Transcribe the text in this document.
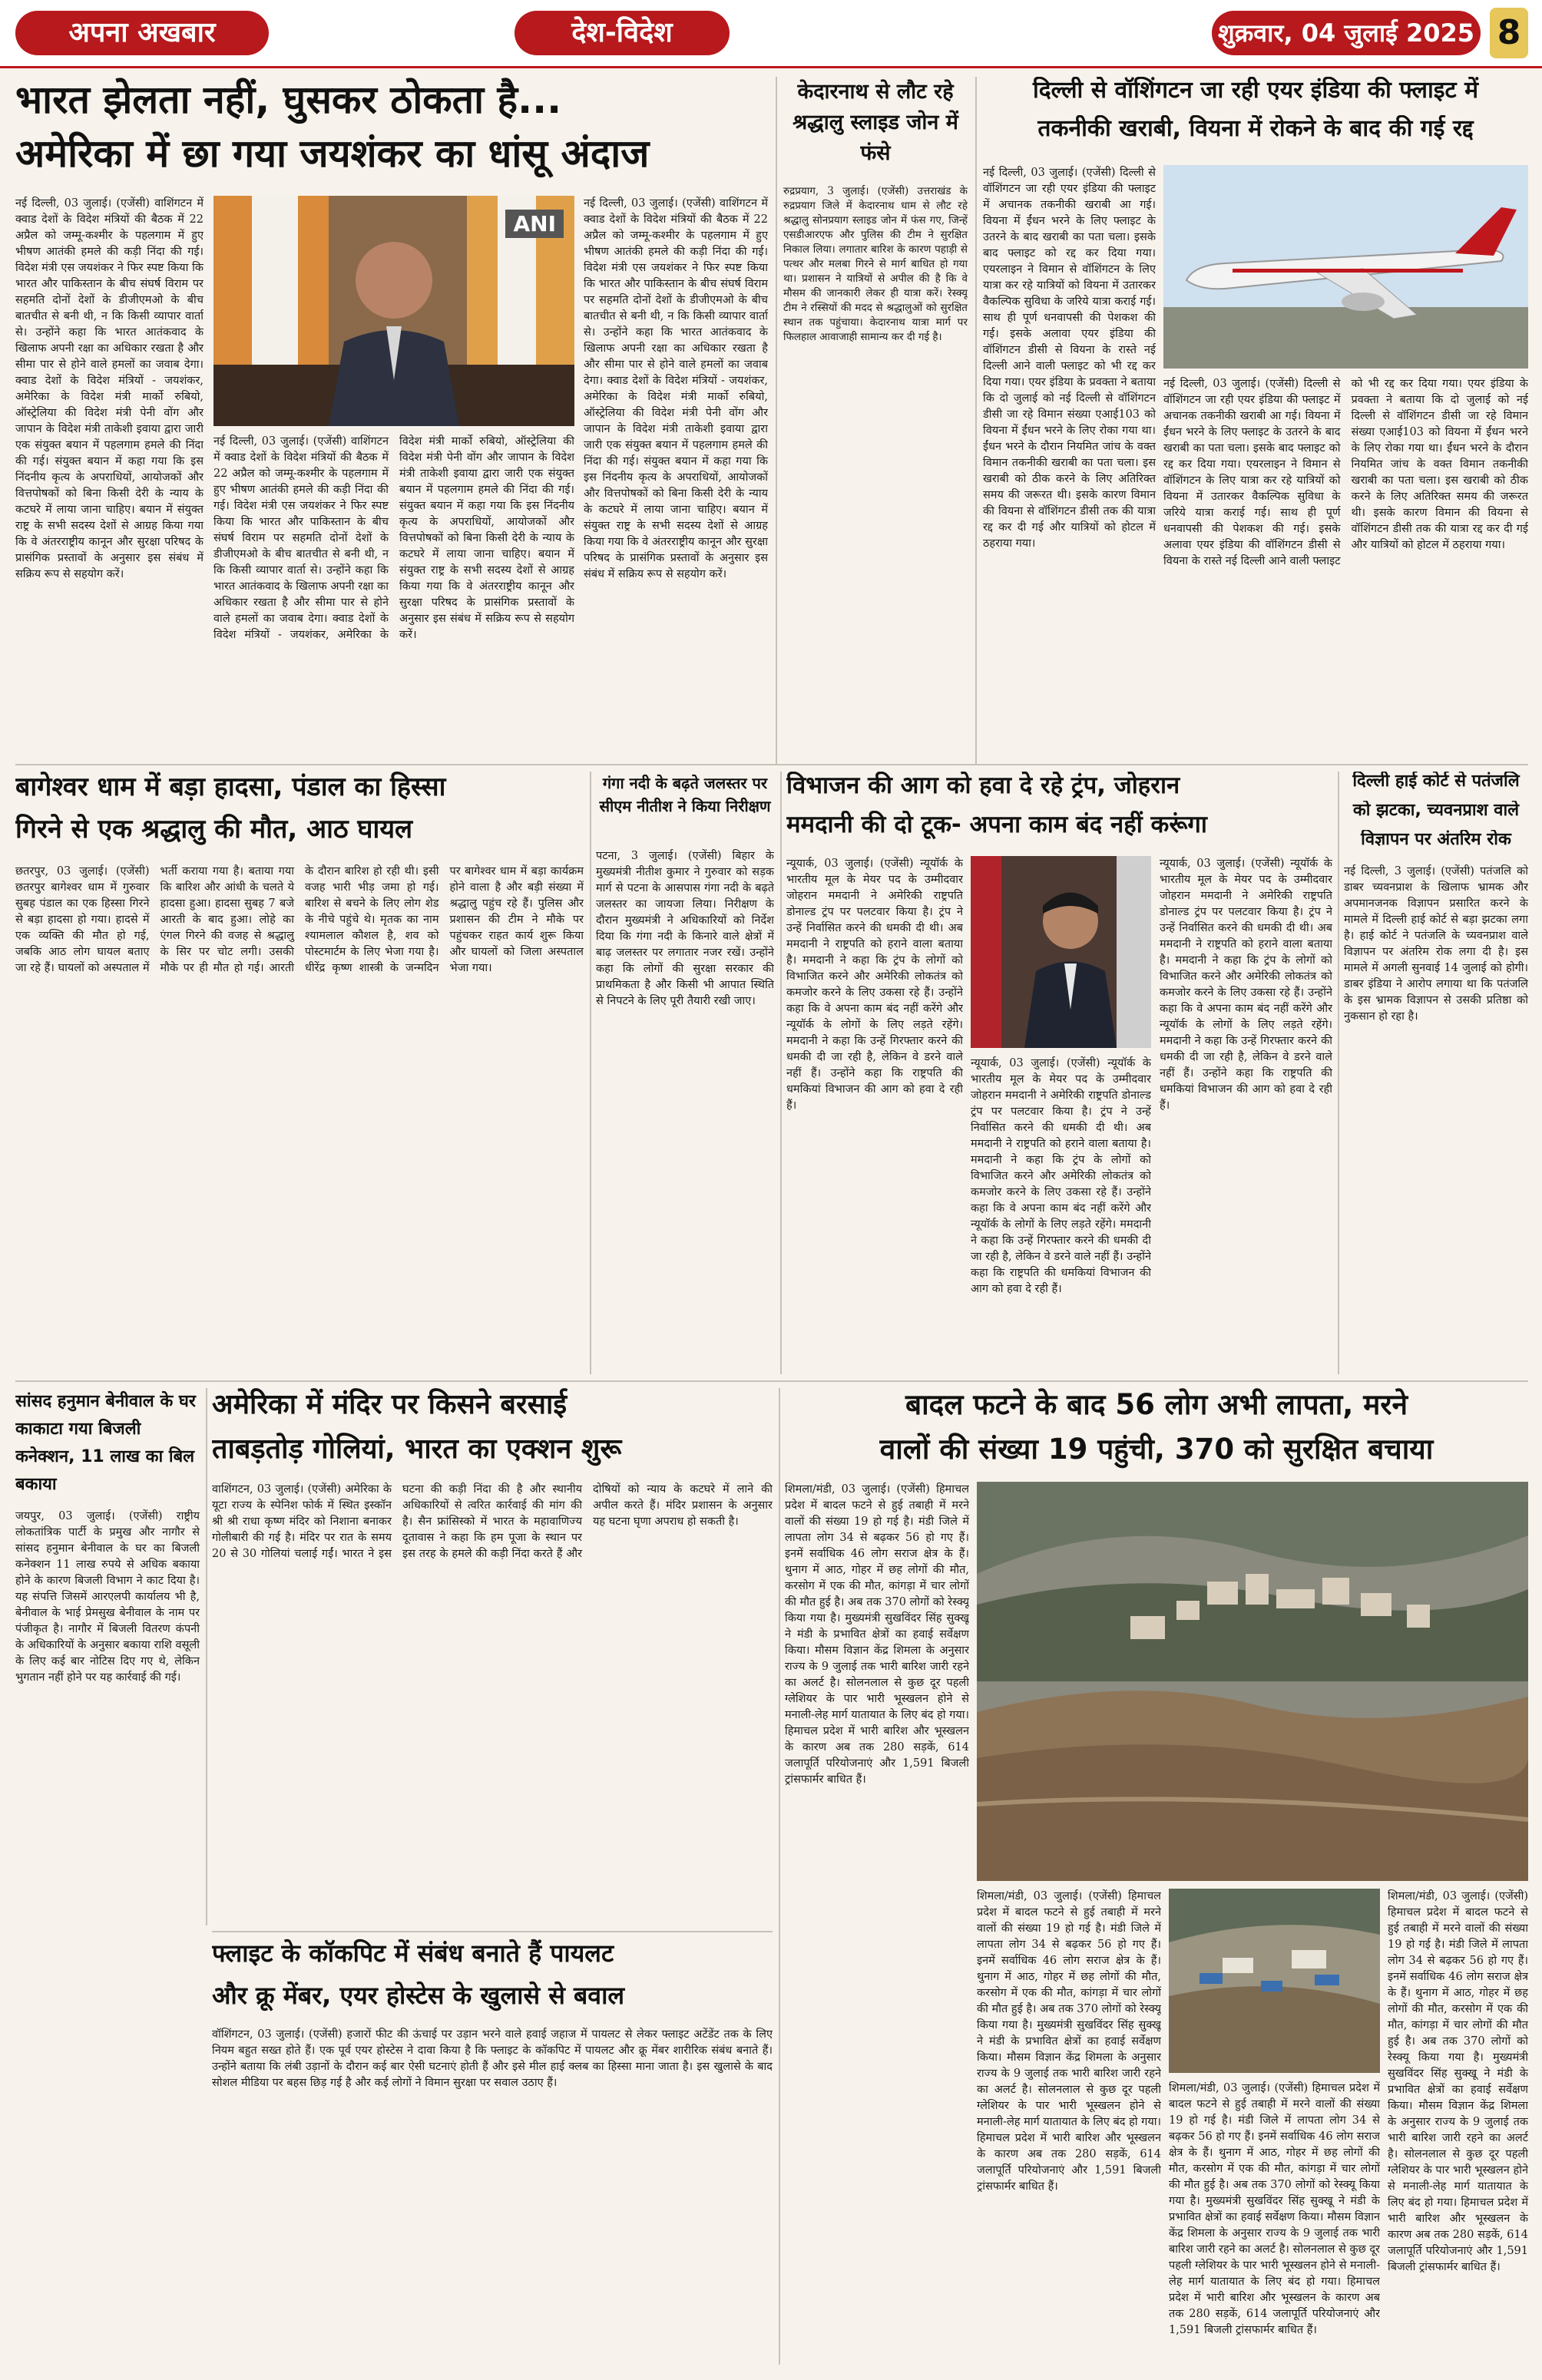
अपना अखबार	देश-विदेश	शुक्रवार, 04 जुलाई 2025 8
भारत झेलता नहीं, घुसकर ठोकता है...
अमेरिका में छा गया जयशंकर का धांसू अंदाज
नई दिल्ली, 03 जुलाई। (एजेंसी) वाशिंगटन में क्वाड देशों के विदेश मंत्रियों की बैठक में 22 अप्रैल को जम्मू-कश्मीर के पहलगाम में हुए भीषण आतंकी हमले की कड़ी निंदा की गई। विदेश मंत्री एस जयशंकर ने फिर स्पष्ट किया कि भारत और पाकिस्तान के बीच संघर्ष विराम पर सहमति दोनों देशों के डीजीएमओ के बीच बातचीत से बनी थी, न कि किसी व्यापार वार्ता से। उन्होंने कहा कि भारत आतंकवाद के खिलाफ अपनी रक्षा का अधिकार रखता है और सीमा पार से होने वाले हमलों का जवाब देगा। क्वाड देशों के विदेश मंत्रियों - जयशंकर, अमेरिका के विदेश मंत्री मार्को रुबियो, ऑस्ट्रेलिया की विदेश मंत्री पेनी वोंग और जापान के विदेश मंत्री ताकेशी इवाया द्वारा जारी एक संयुक्त बयान में पहलगाम हमले की निंदा की गई। संयुक्त बयान में कहा गया कि इस निंदनीय कृत्य के अपराधियों, आयोजकों और वित्तपोषकों को बिना किसी देरी के न्याय के कटघरे में लाया जाना चाहिए। बयान में संयुक्त राष्ट्र के सभी सदस्य देशों से आग्रह किया गया कि वे अंतरराष्ट्रीय कानून और सुरक्षा परिषद के प्रासंगिक प्रस्तावों के अनुसार इस संबंध में सक्रिय रूप से सहयोग करें।
ANI
नई दिल्ली, 03 जुलाई। (एजेंसी) वाशिंगटन में क्वाड देशों के विदेश मंत्रियों की बैठक में 22 अप्रैल को जम्मू-कश्मीर के पहलगाम में हुए भीषण आतंकी हमले की कड़ी निंदा की गई। विदेश मंत्री एस जयशंकर ने फिर स्पष्ट किया कि भारत और पाकिस्तान के बीच संघर्ष विराम पर सहमति दोनों देशों के डीजीएमओ के बीच बातचीत से बनी थी, न कि किसी व्यापार वार्ता से। उन्होंने कहा कि भारत आतंकवाद के खिलाफ अपनी रक्षा का अधिकार रखता है और सीमा पार से होने वाले हमलों का जवाब देगा। क्वाड देशों के विदेश मंत्रियों - जयशंकर, अमेरिका के विदेश मंत्री मार्को रुबियो, ऑस्ट्रेलिया की विदेश मंत्री पेनी वोंग और जापान के विदेश मंत्री ताकेशी इवाया द्वारा जारी एक संयुक्त बयान में पहलगाम हमले की निंदा की गई। संयुक्त बयान में कहा गया कि इस निंदनीय कृत्य के अपराधियों, आयोजकों और वित्तपोषकों को बिना किसी देरी के न्याय के कटघरे में लाया जाना चाहिए। बयान में संयुक्त राष्ट्र के सभी सदस्य देशों से आग्रह किया गया कि वे अंतरराष्ट्रीय कानून और सुरक्षा परिषद के प्रासंगिक प्रस्तावों के अनुसार इस संबंध में सक्रिय रूप से सहयोग करें।
नई दिल्ली, 03 जुलाई। (एजेंसी) वाशिंगटन में क्वाड देशों के विदेश मंत्रियों की बैठक में 22 अप्रैल को जम्मू-कश्मीर के पहलगाम में हुए भीषण आतंकी हमले की कड़ी निंदा की गई। विदेश मंत्री एस जयशंकर ने फिर स्पष्ट किया कि भारत और पाकिस्तान के बीच संघर्ष विराम पर सहमति दोनों देशों के डीजीएमओ के बीच बातचीत से बनी थी, न कि किसी व्यापार वार्ता से। उन्होंने कहा कि भारत आतंकवाद के खिलाफ अपनी रक्षा का अधिकार रखता है और सीमा पार से होने वाले हमलों का जवाब देगा। क्वाड देशों के विदेश मंत्रियों - जयशंकर, अमेरिका के विदेश मंत्री मार्को रुबियो, ऑस्ट्रेलिया की विदेश मंत्री पेनी वोंग और जापान के विदेश मंत्री ताकेशी इवाया द्वारा जारी एक संयुक्त बयान में पहलगाम हमले की निंदा की गई। संयुक्त बयान में कहा गया कि इस निंदनीय कृत्य के अपराधियों, आयोजकों और वित्तपोषकों को बिना किसी देरी के न्याय के कटघरे में लाया जाना चाहिए। बयान में संयुक्त राष्ट्र के सभी सदस्य देशों से आग्रह किया गया कि वे अंतरराष्ट्रीय कानून और सुरक्षा परिषद के प्रासंगिक प्रस्तावों के अनुसार इस संबंध में सक्रिय रूप से सहयोग करें।
केदारनाथ से लौट रहे श्रद्धालु स्लाइड जोन में फंसे
रुद्रप्रयाग, 3 जुलाई। (एजेंसी) उत्तराखंड के रुद्रप्रयाग जिले में केदारनाथ धाम से लौट रहे श्रद्धालु सोनप्रयाग स्लाइड जोन में फंस गए, जिन्हें एसडीआरएफ और पुलिस की टीम ने सुरक्षित निकाल लिया। लगातार बारिश के कारण पहाड़ी से पत्थर और मलबा गिरने से मार्ग बाधित हो गया था। प्रशासन ने यात्रियों से अपील की है कि वे मौसम की जानकारी लेकर ही यात्रा करें। रेस्क्यू टीम ने रस्सियों की मदद से श्रद्धालुओं को सुरक्षित स्थान तक पहुंचाया। केदारनाथ यात्रा मार्ग पर फिलहाल आवाजाही सामान्य कर दी गई है।
दिल्ली से वॉशिंगटन जा रही एयर इंडिया की फ्लाइट में
तकनीकी खराबी, वियना में रोकने के बाद की गई रद्द
नई दिल्ली, 03 जुलाई। (एजेंसी) दिल्ली से वॉशिंगटन जा रही एयर इंडिया की फ्लाइट में अचानक तकनीकी खराबी आ गई। वियना में ईंधन भरने के लिए फ्लाइट के उतरने के बाद खराबी का पता चला। इसके बाद फ्लाइट को रद्द कर दिया गया। एयरलाइन ने विमान से वॉशिंगटन के लिए यात्रा कर रहे यात्रियों को वियना में उतारकर वैकल्पिक सुविधा के जरिये यात्रा कराई गई। साथ ही पूर्ण धनवापसी की पेशकश की गई। इसके अलावा एयर इंडिया की वॉशिंगटन डीसी से वियना के रास्ते नई दिल्ली आने वाली फ्लाइट को भी रद्द कर दिया गया। एयर इंडिया के प्रवक्ता ने बताया कि दो जुलाई को नई दिल्ली से वॉशिंगटन डीसी जा रहे विमान संख्या एआई103 को वियना में ईंधन भरने के लिए रोका गया था। ईंधन भरने के दौरान नियमित जांच के वक्त विमान तकनीकी खराबी का पता चला। इस खराबी को ठीक करने के लिए अतिरिक्त समय की जरूरत थी। इसके कारण विमान की वियना से वॉशिंगटन डीसी तक की यात्रा रद्द कर दी गई और यात्रियों को होटल में ठहराया गया।
नई दिल्ली, 03 जुलाई। (एजेंसी) दिल्ली से वॉशिंगटन जा रही एयर इंडिया की फ्लाइट में अचानक तकनीकी खराबी आ गई। वियना में ईंधन भरने के लिए फ्लाइट के उतरने के बाद खराबी का पता चला। इसके बाद फ्लाइट को रद्द कर दिया गया। एयरलाइन ने विमान से वॉशिंगटन के लिए यात्रा कर रहे यात्रियों को वियना में उतारकर वैकल्पिक सुविधा के जरिये यात्रा कराई गई। साथ ही पूर्ण धनवापसी की पेशकश की गई। इसके अलावा एयर इंडिया की वॉशिंगटन डीसी से वियना के रास्ते नई दिल्ली आने वाली फ्लाइट को भी रद्द कर दिया गया। एयर इंडिया के प्रवक्ता ने बताया कि दो जुलाई को नई दिल्ली से वॉशिंगटन डीसी जा रहे विमान संख्या एआई103 को वियना में ईंधन भरने के लिए रोका गया था। ईंधन भरने के दौरान नियमित जांच के वक्त विमान तकनीकी खराबी का पता चला। इस खराबी को ठीक करने के लिए अतिरिक्त समय की जरूरत थी। इसके कारण विमान की वियना से वॉशिंगटन डीसी तक की यात्रा रद्द कर दी गई और यात्रियों को होटल में ठहराया गया।
बागेश्वर धाम में बड़ा हादसा, पंडाल का हिस्सा
गिरने से एक श्रद्धालु की मौत, आठ घायल
छतरपुर, 03 जुलाई। (एजेंसी) छतरपुर बागेश्वर धाम में गुरुवार सुबह पंडाल का एक हिस्सा गिरने से बड़ा हादसा हो गया। हादसे में एक व्यक्ति की मौत हो गई, जबकि आठ लोग घायल बताए जा रहे हैं। घायलों को अस्पताल में भर्ती कराया गया है। बताया गया कि बारिश और आंधी के चलते ये हादसा हुआ। हादसा सुबह 7 बजे आरती के बाद हुआ। लोहे का एंगल गिरने की वजह से श्रद्धालु के सिर पर चोट लगी। उसकी मौके पर ही मौत हो गई। आरती के दौरान बारिश हो रही थी। इसी वजह भारी भीड़ जमा हो गई। बारिश से बचने के लिए लोग शेड के नीचे पहुंचे थे। मृतक का नाम श्यामलाल कौशल है, शव को पोस्टमार्टम के लिए भेजा गया है। धीरेंद्र कृष्ण शास्त्री के जन्मदिन पर बागेश्वर धाम में बड़ा कार्यक्रम होने वाला है और बड़ी संख्या में श्रद्धालु पहुंच रहे हैं। पुलिस और प्रशासन की टीम ने मौके पर पहुंचकर राहत कार्य शुरू किया और घायलों को जिला अस्पताल भेजा गया।
गंगा नदी के बढ़ते जलस्तर पर सीएम नीतीश ने किया निरीक्षण
पटना, 3 जुलाई। (एजेंसी) बिहार के मुख्यमंत्री नीतीश कुमार ने गुरुवार को सड़क मार्ग से पटना के आसपास गंगा नदी के बढ़ते जलस्तर का जायजा लिया। निरीक्षण के दौरान मुख्यमंत्री ने अधिकारियों को निर्देश दिया कि गंगा नदी के किनारे वाले क्षेत्रों में बाढ़ जलस्तर पर लगातार नजर रखें। उन्होंने कहा कि लोगों की सुरक्षा सरकार की प्राथमिकता है और किसी भी आपात स्थिति से निपटने के लिए पूरी तैयारी रखी जाए।
विभाजन की आग को हवा दे रहे ट्रंप, जोहरान
ममदानी की दो टूक- अपना काम बंद नहीं करूंगा
न्यूयार्क, 03 जुलाई। (एजेंसी) न्यूयॉर्क के भारतीय मूल के मेयर पद के उम्मीदवार जोहरान ममदानी ने अमेरिकी राष्ट्रपति डोनाल्ड ट्रंप पर पलटवार किया है। ट्रंप ने उन्हें निर्वासित करने की धमकी दी थी। अब ममदानी ने राष्ट्रपति को हराने वाला बताया है। ममदानी ने कहा कि ट्रंप के लोगों को विभाजित करने और अमेरिकी लोकतंत्र को कमजोर करने के लिए उकसा रहे हैं। उन्होंने कहा कि वे अपना काम बंद नहीं करेंगे और न्यूयॉर्क के लोगों के लिए लड़ते रहेंगे। ममदानी ने कहा कि उन्हें गिरफ्तार करने की धमकी दी जा रही है, लेकिन वे डरने वाले नहीं हैं। उन्होंने कहा कि राष्ट्रपति की धमकियां विभाजन की आग को हवा दे रही हैं।
न्यूयार्क, 03 जुलाई। (एजेंसी) न्यूयॉर्क के भारतीय मूल के मेयर पद के उम्मीदवार जोहरान ममदानी ने अमेरिकी राष्ट्रपति डोनाल्ड ट्रंप पर पलटवार किया है। ट्रंप ने उन्हें निर्वासित करने की धमकी दी थी। अब ममदानी ने राष्ट्रपति को हराने वाला बताया है। ममदानी ने कहा कि ट्रंप के लोगों को विभाजित करने और अमेरिकी लोकतंत्र को कमजोर करने के लिए उकसा रहे हैं। उन्होंने कहा कि वे अपना काम बंद नहीं करेंगे और न्यूयॉर्क के लोगों के लिए लड़ते रहेंगे। ममदानी ने कहा कि उन्हें गिरफ्तार करने की धमकी दी जा रही है, लेकिन वे डरने वाले नहीं हैं। उन्होंने कहा कि राष्ट्रपति की धमकियां विभाजन की आग को हवा दे रही हैं।
न्यूयार्क, 03 जुलाई। (एजेंसी) न्यूयॉर्क के भारतीय मूल के मेयर पद के उम्मीदवार जोहरान ममदानी ने अमेरिकी राष्ट्रपति डोनाल्ड ट्रंप पर पलटवार किया है। ट्रंप ने उन्हें निर्वासित करने की धमकी दी थी। अब ममदानी ने राष्ट्रपति को हराने वाला बताया है। ममदानी ने कहा कि ट्रंप के लोगों को विभाजित करने और अमेरिकी लोकतंत्र को कमजोर करने के लिए उकसा रहे हैं। उन्होंने कहा कि वे अपना काम बंद नहीं करेंगे और न्यूयॉर्क के लोगों के लिए लड़ते रहेंगे। ममदानी ने कहा कि उन्हें गिरफ्तार करने की धमकी दी जा रही है, लेकिन वे डरने वाले नहीं हैं। उन्होंने कहा कि राष्ट्रपति की धमकियां विभाजन की आग को हवा दे रही हैं।
दिल्ली हाई कोर्ट से पतंजलि
को झटका, च्यवनप्राश वाले
विज्ञापन पर अंतरिम रोक
नई दिल्ली, 3 जुलाई। (एजेंसी) पतंजलि को डाबर च्यवनप्राश के खिलाफ भ्रामक और अपमानजनक विज्ञापन प्रसारित करने के मामले में दिल्ली हाई कोर्ट से बड़ा झटका लगा है। हाई कोर्ट ने पतंजलि के च्यवनप्राश वाले विज्ञापन पर अंतरिम रोक लगा दी है। इस मामले में अगली सुनवाई 14 जुलाई को होगी। डाबर इंडिया ने आरोप लगाया था कि पतंजलि के इस भ्रामक विज्ञापन से उसकी प्रतिष्ठा को नुकसान हो रहा है।
सांसद हनुमान बेनीवाल के घर काकाटा गया बिजली कनेक्शन, 11 लाख का बिल बकाया
जयपुर, 03 जुलाई। (एजेंसी) राष्ट्रीय लोकतांत्रिक पार्टी के प्रमुख और नागौर से सांसद हनुमान बेनीवाल के घर का बिजली कनेक्शन 11 लाख रुपये से अधिक बकाया होने के कारण बिजली विभाग ने काट दिया है। यह संपत्ति जिसमें आरएलपी कार्यालय भी है, बेनीवाल के भाई प्रेमसुख बेनीवाल के नाम पर पंजीकृत है। नागौर में बिजली वितरण कंपनी के अधिकारियों के अनुसार बकाया राशि वसूली के लिए कई बार नोटिस दिए गए थे, लेकिन भुगतान नहीं होने पर यह कार्रवाई की गई।
अमेरिका में मंदिर पर किसने बरसाई
ताबड़तोड़ गोलियां, भारत का एक्शन शुरू
वाशिंगटन, 03 जुलाई। (एजेंसी) अमेरिका के यूटा राज्य के स्पेनिश फोर्क में स्थित इस्कॉन श्री श्री राधा कृष्ण मंदिर को निशाना बनाकर गोलीबारी की गई है। मंदिर पर रात के समय 20 से 30 गोलियां चलाई गईं। भारत ने इस घटना की कड़ी निंदा की है और स्थानीय अधिकारियों से त्वरित कार्रवाई की मांग की है। सैन फ्रांसिस्को में भारत के महावाणिज्य दूतावास ने कहा कि हम पूजा के स्थान पर इस तरह के हमले की कड़ी निंदा करते हैं और दोषियों को न्याय के कटघरे में लाने की अपील करते हैं। मंदिर प्रशासन के अनुसार यह घटना घृणा अपराध हो सकती है।
फ्लाइट के कॉकपिट में संबंध बनाते हैं पायलट
और क्रू मेंबर, एयर होस्टेस के खुलासे से बवाल
वॉशिंगटन, 03 जुलाई। (एजेंसी) हजारों फीट की ऊंचाई पर उड़ान भरने वाले हवाई जहाज में पायलट से लेकर फ्लाइट अटेंडेंट तक के लिए नियम बहुत सख्त होते हैं। एक पूर्व एयर होस्टेस ने दावा किया है कि फ्लाइट के कॉकपिट में पायलट और क्रू मेंबर शारीरिक संबंध बनाते हैं। उन्होंने बताया कि लंबी उड़ानों के दौरान कई बार ऐसी घटनाएं होती हैं और इसे मील हाई क्लब का हिस्सा माना जाता है। इस खुलासे के बाद सोशल मीडिया पर बहस छिड़ गई है और कई लोगों ने विमान सुरक्षा पर सवाल उठाए हैं।
बादल फटने के बाद 56 लोग अभी लापता, मरने
वालों की संख्या 19 पहुंची, 370 को सुरक्षित बचाया
शिमला/मंडी, 03 जुलाई। (एजेंसी) हिमाचल प्रदेश में बादल फटने से हुई तबाही में मरने वालों की संख्या 19 हो गई है। मंडी जिले में लापता लोग 34 से बढ़कर 56 हो गए हैं। इनमें सर्वाधिक 46 लोग सराज क्षेत्र के हैं। थुनाग में आठ, गोहर में छह लोगों की मौत, करसोग में एक की मौत, कांगड़ा में चार लोगों की मौत हुई है। अब तक 370 लोगों को रेस्क्यू किया गया है। मुख्यमंत्री सुखविंदर सिंह सुक्खू ने मंडी के प्रभावित क्षेत्रों का हवाई सर्वेक्षण किया। मौसम विज्ञान केंद्र शिमला के अनुसार राज्य के 9 जुलाई तक भारी बारिश जारी रहने का अलर्ट है। सोलनलाल से कुछ दूर पहली ग्लेशियर के पार भारी भूस्खलन होने से मनाली-लेह मार्ग यातायात के लिए बंद हो गया। हिमाचल प्रदेश में भारी बारिश और भूस्खलन के कारण अब तक 280 सड़कें, 614 जलापूर्ति परियोजनाएं और 1,591 बिजली ट्रांसफार्मर बाधित हैं।
शिमला/मंडी, 03 जुलाई। (एजेंसी) हिमाचल प्रदेश में बादल फटने से हुई तबाही में मरने वालों की संख्या 19 हो गई है। मंडी जिले में लापता लोग 34 से बढ़कर 56 हो गए हैं। इनमें सर्वाधिक 46 लोग सराज क्षेत्र के हैं। थुनाग में आठ, गोहर में छह लोगों की मौत, करसोग में एक की मौत, कांगड़ा में चार लोगों की मौत हुई है। अब तक 370 लोगों को रेस्क्यू किया गया है। मुख्यमंत्री सुखविंदर सिंह सुक्खू ने मंडी के प्रभावित क्षेत्रों का हवाई सर्वेक्षण किया। मौसम विज्ञान केंद्र शिमला के अनुसार राज्य के 9 जुलाई तक भारी बारिश जारी रहने का अलर्ट है। सोलनलाल से कुछ दूर पहली ग्लेशियर के पार भारी भूस्खलन होने से मनाली-लेह मार्ग यातायात के लिए बंद हो गया। हिमाचल प्रदेश में भारी बारिश और भूस्खलन के कारण अब तक 280 सड़कें, 614 जलापूर्ति परियोजनाएं और 1,591 बिजली ट्रांसफार्मर बाधित हैं।
शिमला/मंडी, 03 जुलाई। (एजेंसी) हिमाचल प्रदेश में बादल फटने से हुई तबाही में मरने वालों की संख्या 19 हो गई है। मंडी जिले में लापता लोग 34 से बढ़कर 56 हो गए हैं। इनमें सर्वाधिक 46 लोग सराज क्षेत्र के हैं। थुनाग में आठ, गोहर में छह लोगों की मौत, करसोग में एक की मौत, कांगड़ा में चार लोगों की मौत हुई है। अब तक 370 लोगों को रेस्क्यू किया गया है। मुख्यमंत्री सुखविंदर सिंह सुक्खू ने मंडी के प्रभावित क्षेत्रों का हवाई सर्वेक्षण किया। मौसम विज्ञान केंद्र शिमला के अनुसार राज्य के 9 जुलाई तक भारी बारिश जारी रहने का अलर्ट है। सोलनलाल से कुछ दूर पहली ग्लेशियर के पार भारी भूस्खलन होने से मनाली-लेह मार्ग यातायात के लिए बंद हो गया। हिमाचल प्रदेश में भारी बारिश और भूस्खलन के कारण अब तक 280 सड़कें, 614 जलापूर्ति परियोजनाएं और 1,591 बिजली ट्रांसफार्मर बाधित हैं।
शिमला/मंडी, 03 जुलाई। (एजेंसी) हिमाचल प्रदेश में बादल फटने से हुई तबाही में मरने वालों की संख्या 19 हो गई है। मंडी जिले में लापता लोग 34 से बढ़कर 56 हो गए हैं। इनमें सर्वाधिक 46 लोग सराज क्षेत्र के हैं। थुनाग में आठ, गोहर में छह लोगों की मौत, करसोग में एक की मौत, कांगड़ा में चार लोगों की मौत हुई है। अब तक 370 लोगों को रेस्क्यू किया गया है। मुख्यमंत्री सुखविंदर सिंह सुक्खू ने मंडी के प्रभावित क्षेत्रों का हवाई सर्वेक्षण किया। मौसम विज्ञान केंद्र शिमला के अनुसार राज्य के 9 जुलाई तक भारी बारिश जारी रहने का अलर्ट है। सोलनलाल से कुछ दूर पहली ग्लेशियर के पार भारी भूस्खलन होने से मनाली-लेह मार्ग यातायात के लिए बंद हो गया। हिमाचल प्रदेश में भारी बारिश और भूस्खलन के कारण अब तक 280 सड़कें, 614 जलापूर्ति परियोजनाएं और 1,591 बिजली ट्रांसफार्मर बाधित हैं।
